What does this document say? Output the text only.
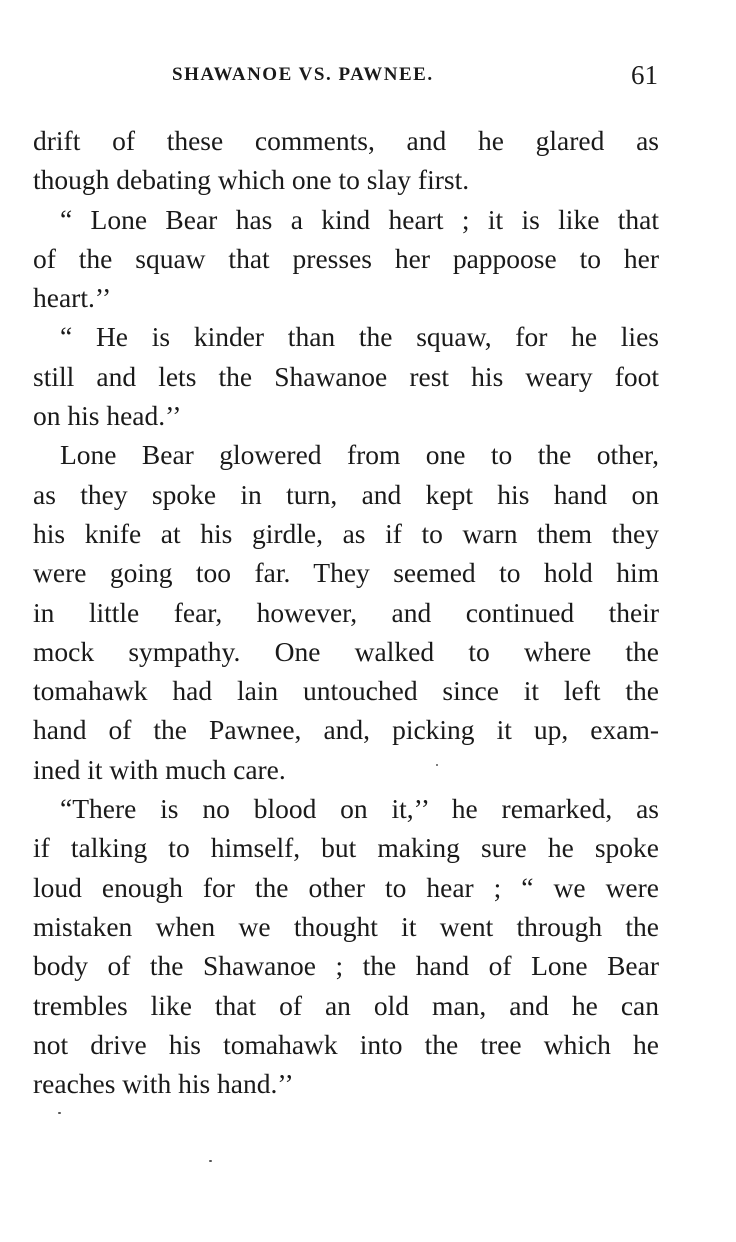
SHAWANOE VS. PAWNEE.	61

drift of these comments, and he glared as
though debating which one to slay first.

“ Lone Bear has a kind heart ; it is like that
of the squaw that presses her pappoose to her
heart.’’

“ He is kinder than the squaw, for he lies
still and lets the Shawanoe rest his weary foot
on his head.’’

Lone Bear glowered from one to the other,
as they spoke in turn, and kept his hand on
his knife at his girdle, as if to warn them they
were going too far. They seemed to hold him
in little fear, however, and continued their
mock sympathy. One walked to where the
tomahawk had lain untouched since it left the
hand of the Pawnee, and, picking it up, exam-
ined it with much care.

“There is no blood on it,’’ he remarked, as
if talking to himself, but making sure he spoke
loud enough for the other to hear ; “ we were
mistaken when we thought it went through the
body of the Shawanoe ; the hand of Lone Bear
trembles like that of an old man, and he can
not drive his tomahawk into the tree which he
reaches with his hand.’’
